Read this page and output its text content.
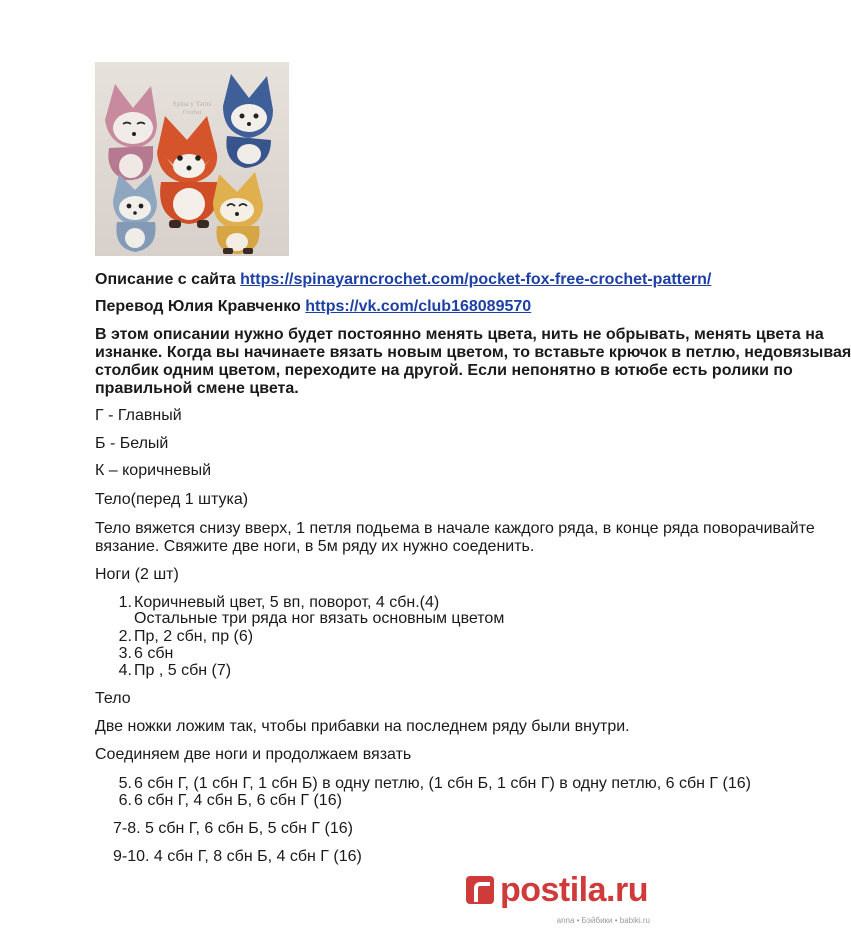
Spina y Yarns
Crochet
Описание с сайта https://spinayarncrochet.com/pocket-fox-free-crochet-pattern/
Перевод Юлия Кравченко https://vk.com/club168089570
В этом описании нужно будет постоянно менять цвета, нить не обрывать, менять цвета на
изнанке. Когда вы начинаете вязать новым цветом, то вставьте крючок в петлю, недовязывая
столбик одним цветом, переходите на другой. Если непонятно в ютюбе есть ролики по
правильной смене цвета.
Г - Главный
Б - Белый
К – коричневый
Тело(перед 1 штука)
Тело вяжется снизу вверх, 1 петля подьема в начале каждого ряда, в конце ряда поворачивайте
вязание. Свяжите две ноги, в 5м ряду их нужно соеденить.
Ноги (2 шт)
1. Коричневый цвет, 5 вп, поворот, 4 сбн.(4)
Остальные три ряда ног вязать основным цветом
2. Пр, 2 сбн, пр (6)
3. 6 сбн
4. Пр , 5 сбн (7)
Тело
Две ножки ложим так, чтобы прибавки на последнем ряду были внутри.
Соединяем две ноги и продолжаем вязать
5. 6 сбн Г, (1 сбн Г, 1 сбн Б) в одну петлю, (1 сбн Б, 1 сбн Г) в одну петлю, 6 сбн Г (16)
6. 6 сбн Г, 4 сбн Б, 6 сбн Г (16)
7-8. 5 сбн Г, 6 сбн Б, 5 сбн Г (16)
9-10. 4 сбн Г, 8 сбн Б, 4 сбн Г (16)
postila.ru
anna • Бэйбики • babiki.ru
